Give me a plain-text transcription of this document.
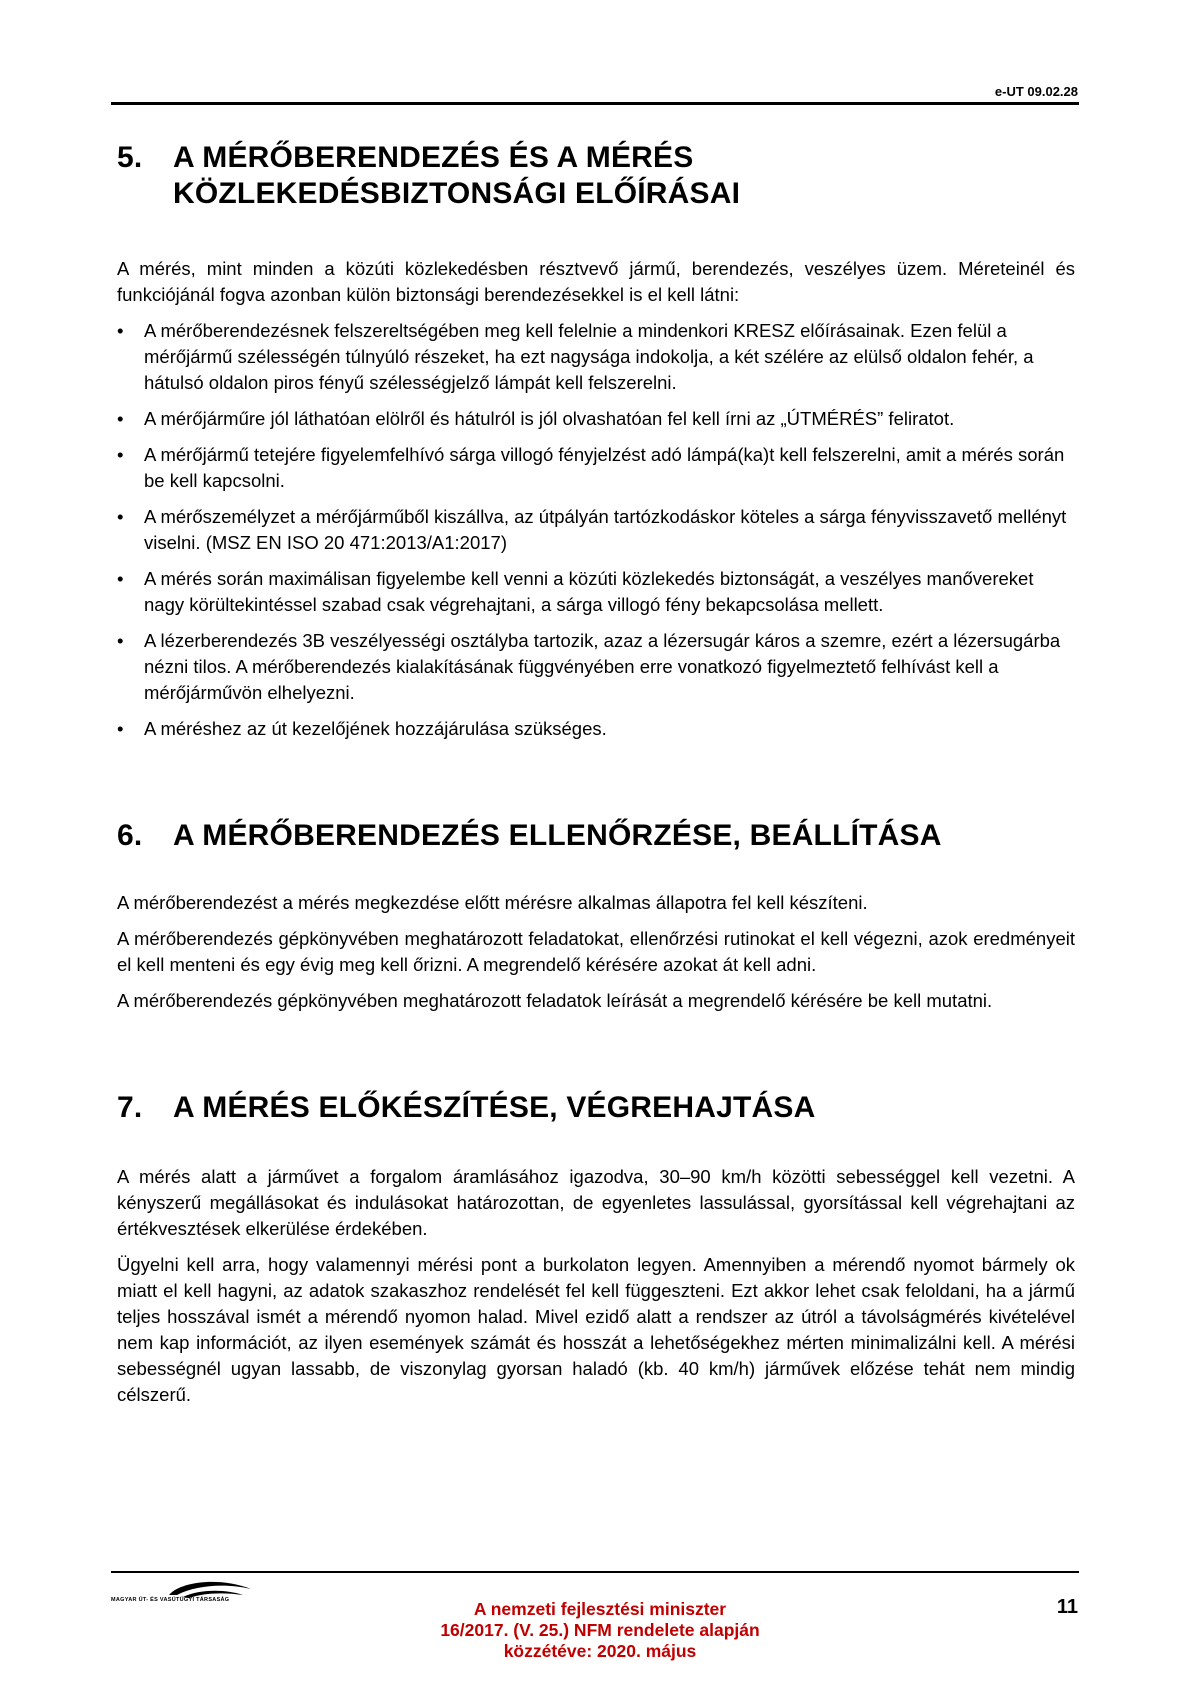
e-UT 09.02.28
5.	A MÉRŐBERENDEZÉS ÉS A MÉRÉS
KÖZLEKEDÉSBIZTONSÁGI ELŐÍRÁSAI

A mérés, mint minden a közúti közlekedésben résztvevő jármű, berendezés, veszélyes üzem. Méreteinél és funkciójánál fogva azonban külön biztonsági berendezésekkel is el kell látni:

• A mérőberendezésnek felszereltségében meg kell felelnie a mindenkori KRESZ előírásainak. Ezen felül a mérőjármű szélességén túlnyúló részeket, ha ezt nagysága indokolja, a két szélére az elülső oldalon fehér, a hátulsó oldalon piros fényű szélességjelző lámpát kell felszerelni.
• A mérőjárműre jól láthatóan elölről és hátulról is jól olvashatóan fel kell írni az „ÚTMÉRÉS” feliratot.
• A mérőjármű tetejére figyelemfelhívó sárga villogó fényjelzést adó lámpá(ka)t kell felszerelni, amit a mérés során be kell kapcsolni.
• A mérőszemélyzet a mérőjárműből kiszállva, az útpályán tartózkodáskor köteles a sárga fényvisszavető mellényt viselni. (MSZ EN ISO 20 471:2013/A1:2017)
• A mérés során maximálisan figyelembe kell venni a közúti közlekedés biztonságát, a veszélyes manővereket nagy körültekintéssel szabad csak végrehajtani, a sárga villogó fény bekapcsolása mellett.
• A lézerberendezés 3B veszélyességi osztályba tartozik, azaz a lézersugár káros a szemre, ezért a lézersugárba nézni tilos. A mérőberendezés kialakításának függvényében erre vonatkozó figyelmeztető felhívást kell a mérőjárművön elhelyezni.
• A méréshez az út kezelőjének hozzájárulása szükséges.
6.	A MÉRŐBERENDEZÉS ELLENŐRZÉSE, BEÁLLÍTÁSA

A mérőberendezést a mérés megkezdése előtt mérésre alkalmas állapotra fel kell készíteni.

A mérőberendezés gépkönyvében meghatározott feladatokat, ellenőrzési rutinokat el kell végezni, azok eredményeit el kell menteni és egy évig meg kell őrizni. A megrendelő kérésére azokat át kell adni.

A mérőberendezés gépkönyvében meghatározott feladatok leírását a megrendelő kérésére be kell mutatni.

7.	A MÉRÉS ELŐKÉSZÍTÉSE, VÉGREHAJTÁSA

A mérés alatt a járművet a forgalom áramlásához igazodva, 30–90 km/h közötti sebességgel kell vezetni. A kényszerű megállásokat és indulásokat határozottan, de egyenletes lassulással, gyorsítással kell végrehajtani az értékvesztések elkerülése érdekében.

Ügyelni kell arra, hogy valamennyi mérési pont a burkolaton legyen. Amennyiben a mérendő nyomot bármely ok miatt el kell hagyni, az adatok szakaszhoz rendelését fel kell függeszteni. Ezt akkor lehet csak feloldani, ha a jármű teljes hosszával ismét a mérendő nyomon halad. Mivel ezidő alatt a rendszer az útról a távolságmérés kivételével nem kap információt, az ilyen események számát és hosszát a lehetőségekhez mérten minimalizálni kell. A mérési sebességnél ugyan lassabb, de viszonylag gyorsan haladó (kb. 40 km/h) járművek előzése tehát nem mindig célszerű.

MAGYAR ÚT- ÉS VASÚTÜGYI TÁRSASÁG	11
A nemzeti fejlesztési miniszter
16/2017. (V. 25.) NFM rendelete alapján
közzétéve: 2020. május
